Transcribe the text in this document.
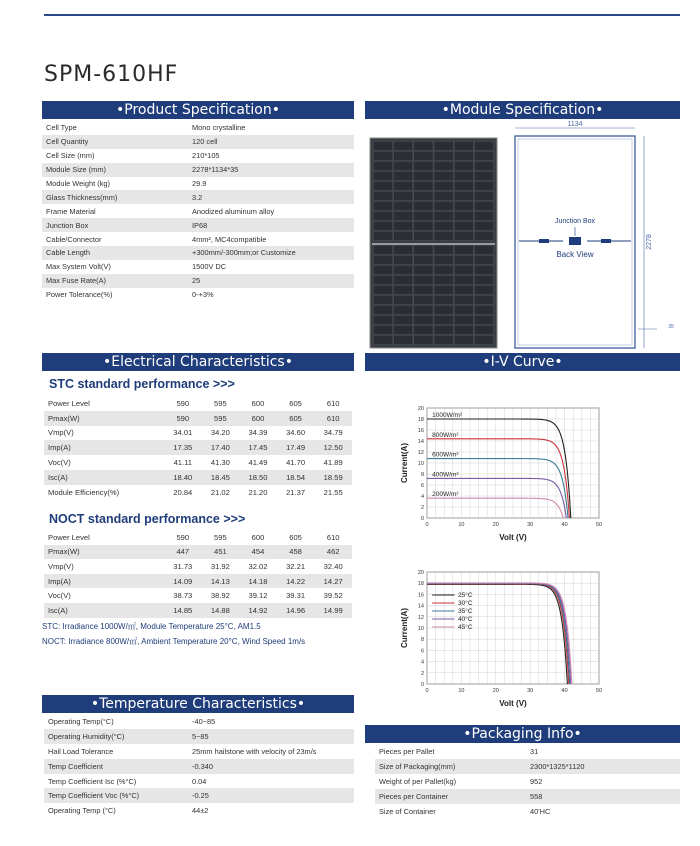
SPM-610HF
•Product Specification•
Cell Type	Mono crystalline
Cell Quantity	120 cell
Cell Size (mm)	210*105
Module Size (mm)	2278*1134*35
Module Weight (kg)	29.9
Glass Thickness(mm)	3.2
Frame Material	Anodized aluminum alloy
Junction Box	IP68
Cable/Connector	4mm², MC4compatible
Cable Length	+300mm/-300mm;or Customize
Max System Volt(V)	1500V DC
Max Fuse Rate(A)	25
Power Tolerance(%)	0-+3%
•Module Specification•
1134
2278
35
Junction Box
Back View
•Electrical Characteristics•
STC standard performance >>>
Power Level	590	595	600	605	610
Pmax(W)	590	595	600	605	610
Vmp(V)	34.01	34.20	34.39	34.60	34.79
Imp(A)	17.35	17.40	17.45	17.49	12.50
Voc(V)	41.11	41.30	41.49	41.70	41.89
Isc(A)	18.40	18.45	18.50	18.54	18.59
Module Efficiency(%)	20.84	21.02	21.20	21.37	21.55
NOCT standard performance >>>
Power Level	590	595	600	605	610
Pmax(W)	447	451	454	458	462
Vmp(V)	31.73	31.92	32.02	32.21	32.40
Imp(A)	14.09	14.13	14.18	14.22	14.27
Voc(V)	38.73	38.92	39.12	39.31	39.52
Isc(A)	14.85	14.88	14.92	14.96	14.99
STC: Irradiance 1000W/㎡, Module Temperature 25°C, AM1.5
NOCT: Irradiance 800W/㎡, Ambient Temperature 20°C, Wind Speed 1m/s
•I-V Curve•
0
2
4
6
8
10
12
14
16
18
20
0	10	20	30	40	50
Volt (V)
Current(A)
1000W/m²
800W/m²
600W/m²
400W/m²
200W/m²
0
2
4
6
8
10
12
14
16
18
20
0	10	20	30	40	50
Volt (V)
Current(A)
25°C
30°C
35°C
40°C
45°C
•Temperature Characteristics•
Operating Temp(°C)	-40~85
Operating Humidity(°C)	5~85
Hail Load Tolerance	25mm hailstone with velocity of 23m/s
Temp Coefficient	-0.340
Temp Coefficient Isc (%°C)	0.04
Temp Coefficient Voc (%°C)	-0.25
Operating Temp (°C)	44±2
•Packaging Info•
Pieces per Pallet	31
Size of Packaging(mm)	2300*1325*1120
Weight of per Pallet(kg)	952
Pieces per Container	558
Size of Container	40'HC
